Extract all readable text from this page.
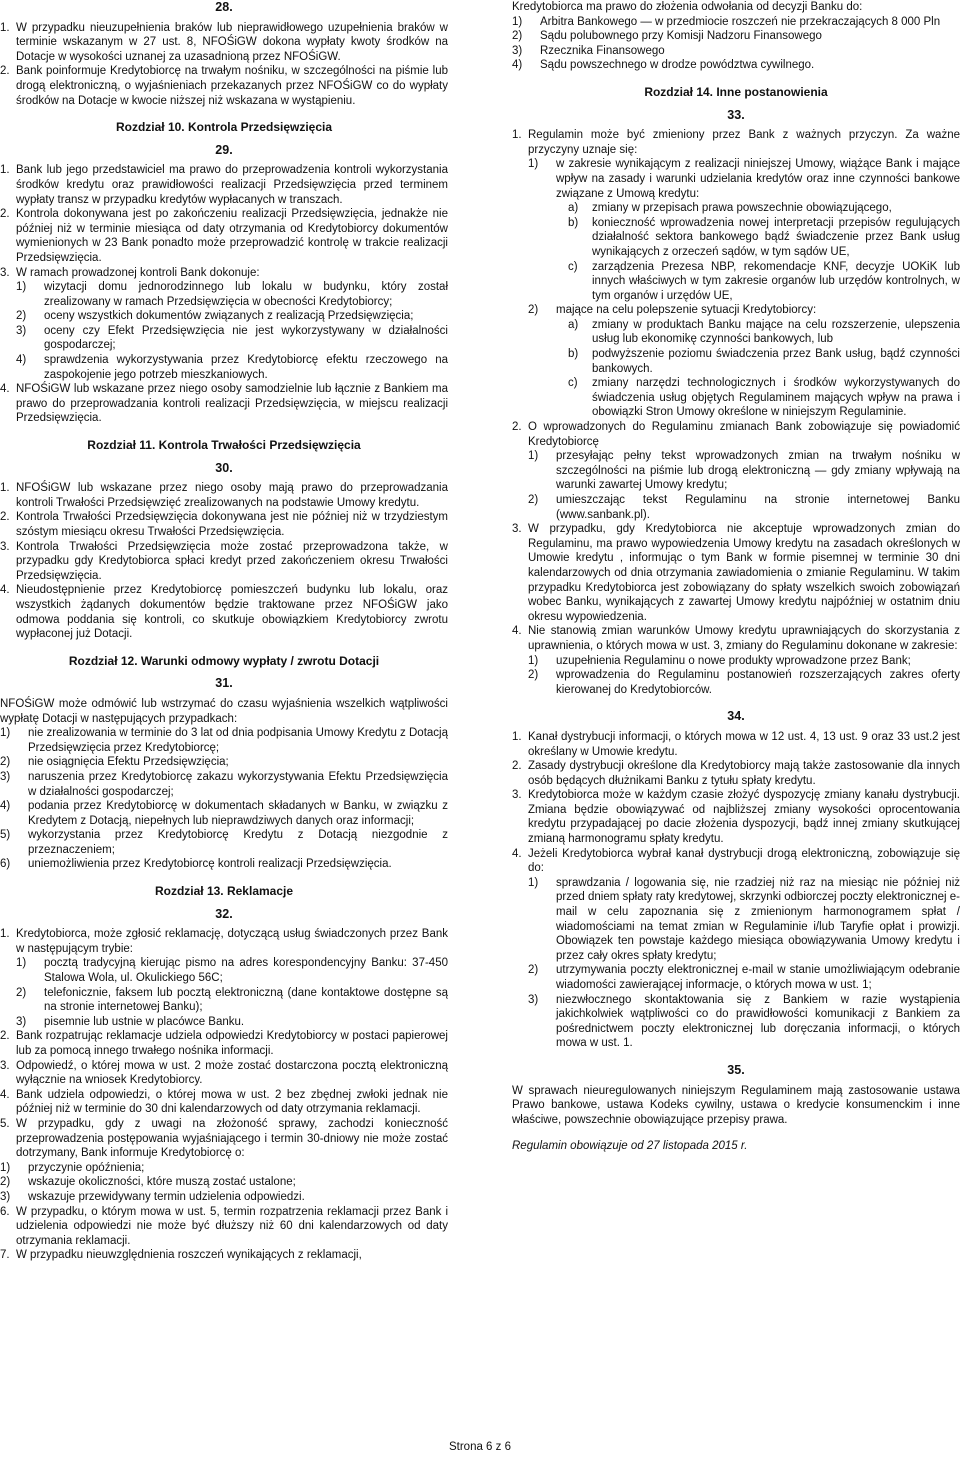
28.

1. W przypadku nieuzupełnienia braków lub nieprawidłowego uzupełnienia braków w terminie wskazanym w 27 ust. 8, NFOŚiGW dokona wypłaty kwoty środków na Dotacje w wysokości uznanej za uzasadnioną przez NFOŚiGW.

2. Bank poinformuje Kredytobiorcę na trwałym nośniku, w szczególności na piśmie lub drogą elektroniczną, o wyjaśnieniach przekazanych przez NFOŚiGW co do wypłaty środków na Dotacje w kwocie niższej niż wskazana w wystąpieniu.

Rozdział 10. Kontrola Przedsięwzięcia
29.

1. Bank lub jego przedstawiciel ma prawo do przeprowadzenia kontroli wykorzystania środków kredytu oraz prawidłowości realizacji Przedsięwzięcia przed terminem wypłaty transz w przypadku kredytów wypłacanych w transzach.

2. Kontrola dokonywana jest po zakończeniu realizacji Przedsięwzięcia, jednakże nie później niż w terminie miesiąca od daty otrzymania od Kredytobiorcy dokumentów wymienionych w 23 Bank ponadto może przeprowadzić kontrolę w trakcie realizacji Przedsięwzięcia.

3. W ramach prowadzonej kontroli Bank dokonuje:

1) wizytacji domu jednorodzinnego lub lokalu w budynku, który został zrealizowany w ramach Przedsięwzięcia w obecności Kredytobiorcy;

2) oceny wszystkich dokumentów związanych z realizacją Przedsięwzięcia;

3) oceny czy Efekt Przedsięwzięcia nie jest wykorzystywany w działalności gospodarczej;

4) sprawdzenia wykorzystywania przez Kredytobiorcę efektu rzeczowego na zaspokojenie jego potrzeb mieszkaniowych.

4. NFOŚiGW lub wskazane przez niego osoby samodzielnie lub łącznie z Bankiem ma prawo do przeprowadzania kontroli realizacji Przedsięwzięcia, w miejscu realizacji Przedsięwzięcia.

Rozdział 11. Kontrola Trwałości Przedsięwzięcia
30.

1. NFOŚiGW lub wskazane przez niego osoby mają prawo do przeprowadzania kontroli Trwałości Przedsięwzięć zrealizowanych na podstawie Umowy kredytu.

2. Kontrola Trwałości Przedsięwzięcia dokonywana jest nie później niż w trzydziestym szóstym miesiącu okresu Trwałości Przedsięwzięcia.

3. Kontrola Trwałości Przedsięwzięcia może zostać przeprowadzona także, w przypadku gdy Kredytobiorca spłaci kredyt przed zakończeniem okresu Trwałości Przedsięwzięcia.

4. Nieudostępnienie przez Kredytobiorcę pomieszczeń budynku lub lokalu, oraz wszystkich żądanych dokumentów będzie traktowane przez NFOŚiGW jako odmowa poddania się kontroli, co skutkuje obowiązkiem Kredytobiorcy zwrotu wypłaconej już Dotacji.

Rozdział 12. Warunki odmowy wypłaty / zwrotu Dotacji
31.

NFOŚiGW może odmówić lub wstrzymać do czasu wyjaśnienia wszelkich wątpliwości wypłatę Dotacji w następujących przypadkach:

1) nie zrealizowania w terminie do 3 lat od dnia podpisania Umowy Kredytu z Dotacją Przedsięwzięcia przez Kredytobiorcę;

2) nie osiągnięcia Efektu Przedsięwzięcia;

3) naruszenia przez Kredytobiorcę zakazu wykorzystywania Efektu Przedsięwzięcia w działalności gospodarczej;

4) podania przez Kredytobiorcę w dokumentach składanych w Banku, w związku z Kredytem z Dotacją, niepełnych lub nieprawdziwych danych oraz informacji;

5) wykorzystania przez Kredytobiorcę Kredytu z Dotacją niezgodnie z przeznaczeniem;

6) uniemożliwienia przez Kredytobiorcę kontroli realizacji Przedsięwzięcia.

Rozdział 13. Reklamacje
32.

1. Kredytobiorca, może zgłosić reklamację, dotyczącą usług świadczonych przez Bank w następującym trybie:

1) pocztą tradycyjną kierując pismo na adres korespondencyjny Banku: 37-450 Stalowa Wola, ul. Okulickiego 56C;

2) telefonicznie, faksem lub pocztą elektroniczną (dane kontaktowe dostępne są na stronie internetowej Banku);

3) pisemnie lub ustnie w placówce Banku.

2. Bank rozpatrując reklamacje udziela odpowiedzi Kredytobiorcy w postaci papierowej lub za pomocą innego trwałego nośnika informacji.

3. Odpowiedź, o której mowa w ust. 2 może zostać dostarczona pocztą elektroniczną wyłącznie na wniosek Kredytobiorcy.

4. Bank udziela odpowiedzi, o której mowa w ust. 2 bez zbędnej zwłoki jednak nie później niż w terminie do 30 dni kalendarzowych od daty otrzymania reklamacji.

5. W przypadku, gdy z uwagi na złożoność sprawy, zachodzi konieczność przeprowadzenia postępowania wyjaśniającego i termin 30-dniowy nie może zostać dotrzymany, Bank informuje Kredytobiorcę o:

1) przyczynie opóźnienia;

2) wskazuje okoliczności, które muszą zostać ustalone;

3) wskazuje przewidywany termin udzielenia odpowiedzi.

6. W przypadku, o którym mowa w ust. 5, termin rozpatrzenia reklamacji przez Bank i udzielenia odpowiedzi nie może być dłuższy niż 60 dni kalendarzowych od daty otrzymania reklamacji.

7. W przypadku nieuwzględnienia roszczeń wynikających z reklamacji,

Kredytobiorca ma prawo do złożenia odwołania od decyzji Banku do:

1) Arbitra Bankowego — w przedmiocie roszczeń nie przekraczających 8 000 Pln

2) Sądu polubownego przy Komisji Nadzoru Finansowego

3) Rzecznika Finansowego

4) Sądu powszechnego w drodze powództwa cywilnego.

Rozdział 14. Inne postanowienia
33.

1. Regulamin może być zmieniony przez Bank z ważnych przyczyn. Za ważne przyczyny uznaje się:

1) w zakresie wynikającym z realizacji niniejszej Umowy, wiążące Bank i mające wpływ na zasady i warunki udzielania kredytów oraz inne czynności bankowe związane z Umową kredytu:

a) zmiany w przepisach prawa powszechnie obowiązującego,

b) konieczność wprowadzenia nowej interpretacji przepisów regulujących działalność sektora bankowego bądź świadczenie przez Bank usług wynikających z orzeczeń sądów, w tym sądów UE,

c) zarządzenia Prezesa NBP, rekomendacje KNF, decyzje UOKiK lub innych właściwych w tym zakresie organów lub urzędów kontrolnych, w tym organów i urzędów UE,

2) mające na celu polepszenie sytuacji Kredytobiorcy:

a) zmiany w produktach Banku mające na celu rozszerzenie, ulepszenia usług lub ekonomikę czynności bankowych, lub

b) podwyższenie poziomu świadczenia przez Bank usług, bądź czynności bankowych.

c) zmiany narzędzi technologicznych i środków wykorzystywanych do świadczenia usług objętych Regulaminem mających wpływ na prawa i obowiązki Stron Umowy określone w niniejszym Regulaminie.

2. O wprowadzonych do Regulaminu zmianach Bank zobowiązuje się powiadomić Kredytobiorcę

1) przesyłając pełny tekst wprowadzonych zmian na trwałym nośniku w szczególności na piśmie lub drogą elektroniczną — gdy zmiany wpływają na warunki zawartej Umowy kredytu;

2) umieszczając tekst Regulaminu na stronie internetowej Banku (www.sanbank.pl).

3. W przypadku, gdy Kredytobiorca nie akceptuje wprowadzonych zmian do Regulaminu, ma prawo wypowiedzenia Umowy kredytu na zasadach określonych w Umowie kredytu , informując o tym Bank w formie pisemnej w terminie 30 dni kalendarzowych od dnia otrzymania zawiadomienia o zmianie Regulaminu. W takim przypadku Kredytobiorca jest zobowiązany do spłaty wszelkich swoich zobowiązań wobec Banku, wynikających z zawartej Umowy kredytu najpóźniej w ostatnim dniu okresu wypowiedzenia.

4. Nie stanowią zmian warunków Umowy kredytu uprawniających do skorzystania z uprawnienia, o których mowa w ust. 3, zmiany do Regulaminu dokonane w zakresie:

1) uzupełnienia Regulaminu o nowe produkty wprowadzone przez Bank;

2) wprowadzenia do Regulaminu postanowień rozszerzających zakres oferty kierowanej do Kredytobiorców.

34.

1. Kanał dystrybucji informacji, o których mowa w 12 ust. 4, 13 ust. 9 oraz 33 ust.2 jest określany w Umowie kredytu.

2. Zasady dystrybucji określone dla Kredytobiorcy mają także zastosowanie dla innych osób będących dłużnikami Banku z tytułu spłaty kredytu.

3. Kredytobiorca może w każdym czasie złożyć dyspozycję zmiany kanału dystrybucji. Zmiana będzie obowiązywać od najbliższej zmiany wysokości oprocentowania kredytu przypadającej po dacie złożenia dyspozycji, bądź innej zmiany skutkującej zmianą harmonogramu spłaty kredytu.

4. Jeżeli Kredytobiorca wybrał kanał dystrybucji drogą elektroniczną, zobowiązuje się do:

1) sprawdzania / logowania się, nie rzadziej niż raz na miesiąc nie później niż przed dniem spłaty raty kredytowej, skrzynki odbiorczej poczty elektronicznej e-mail w celu zapoznania się z zmienionym harmonogramem spłat / wiadomościami na temat zmian w Regulaminie i/lub Taryfie opłat i prowizji. Obowiązek ten powstaje każdego miesiąca obowiązywania Umowy kredytu i przez cały okres spłaty kredytu;

2) utrzymywania poczty elektronicznej e-mail w stanie umożliwiającym odebranie wiadomości zawierającej informacje, o których mowa w ust. 1;

3) niezwłocznego skontaktowania się z Bankiem w razie wystąpienia jakichkolwiek wątpliwości co do prawidłowości komunikacji z Bankiem za pośrednictwem poczty elektronicznej lub doręczania informacji, o których mowa w ust. 1.

35.

W sprawach nieuregulowanych niniejszym Regulaminem mają zastosowanie ustawa Prawo bankowe, ustawa Kodeks cywilny, ustawa o kredycie konsumenckim i inne właściwe, powszechnie obowiązujące przepisy prawa.

Regulamin obowiązuje od 27 listopada 2015 r.

Strona 6 z 6
